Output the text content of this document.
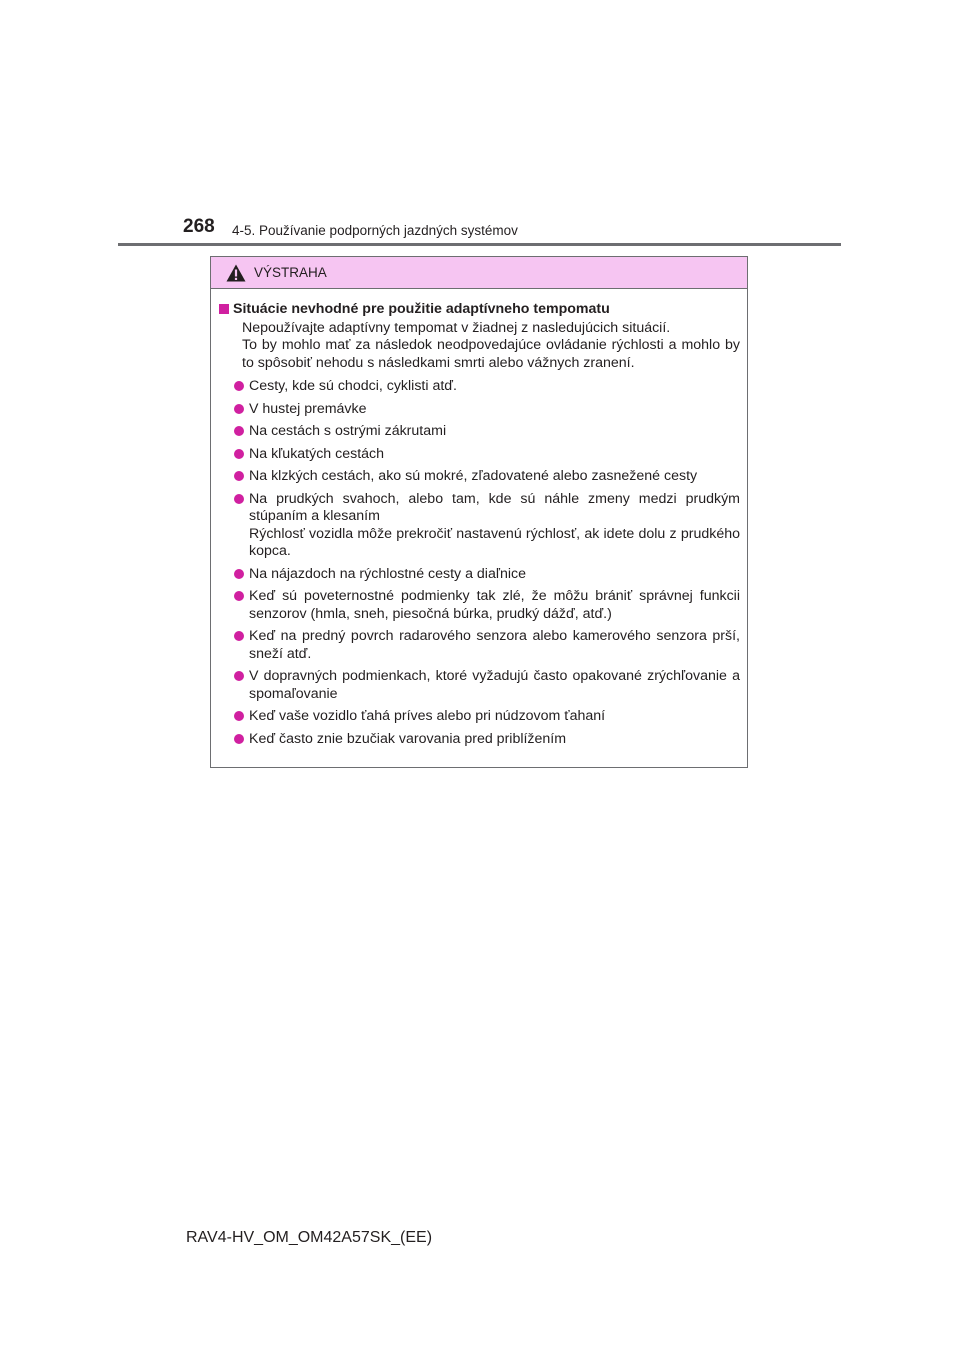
268 4-5. Používanie podporných jazdných systémov
VÝSTRAHA
Situácie nevhodné pre použitie adaptívneho tempomatu

Nepoužívajte adaptívny tempomat v žiadnej z nasledujúcich situácií.

To by mohlo mať za následok neodpovedajúce ovládanie rýchlosti a mohlo by to spôsobiť nehodu s následkami smrti alebo vážnych zranení.

Cesty, kde sú chodci, cyklisti atď.
V hustej premávke
Na cestách s ostrými zákrutami
Na kľukatých cestách
Na klzkých cestách, ako sú mokré, zľadovatené alebo zasnežené cesty
Na prudkých svahoch, alebo tam, kde sú náhle zmeny medzi prudkým stúpaním a klesaním
Rýchlosť vozidla môže prekročiť nastavenú rýchlosť, ak idete dolu z prudkého kopca.
Na nájazdoch na rýchlostné cesty a diaľnice
Keď sú poveternostné podmienky tak zlé, že môžu brániť správnej funkcii senzorov (hmla, sneh, piesočná búrka, prudký dážď, atď.)
Keď na predný povrch radarového senzora alebo kamerového senzora prší, sneží atď.
V dopravných podmienkach, ktoré vyžadujú často opakované zrýchľovanie a spomaľovanie
Keď vaše vozidlo ťahá príves alebo pri núdzovom ťahaní
Keď často znie bzučiak varovania pred priblížením
RAV4-HV_OM_OM42A57SK_(EE)
